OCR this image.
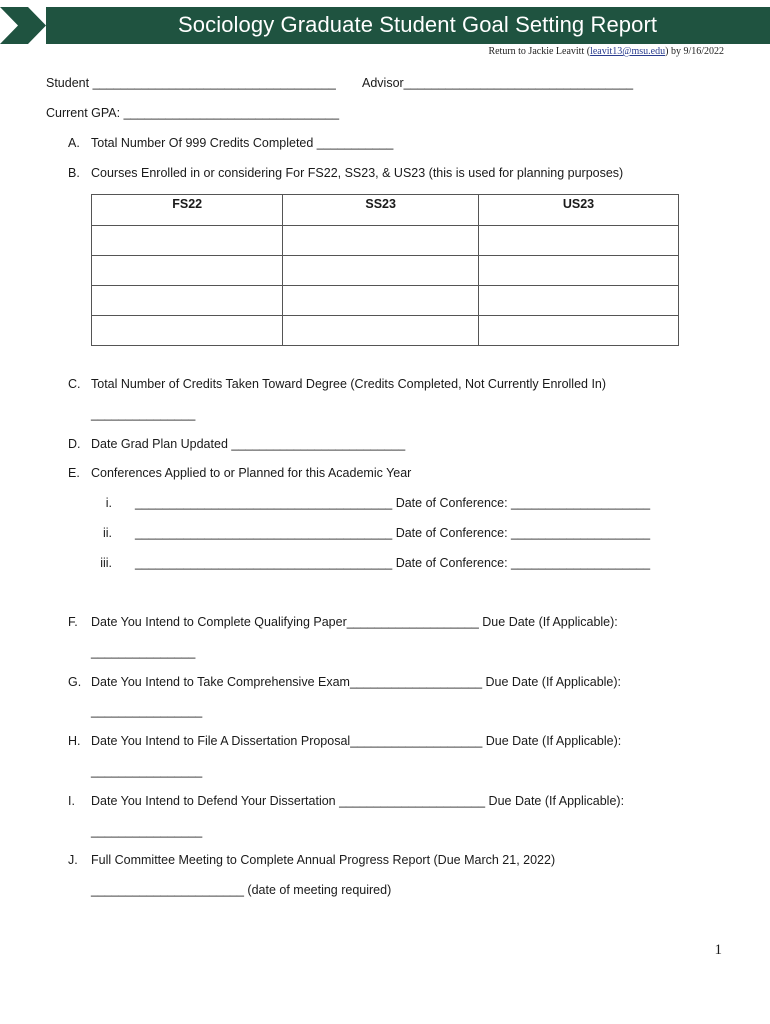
Sociology Graduate Student Goal Setting Report
Return to Jackie Leavitt (leavit13@msu.edu) by 9/16/2022
Student ___________________________________ Advisor_________________________________
Current GPA: _______________________________
A. Total Number Of 999 Credits Completed ___________
B. Courses Enrolled in or considering For FS22, SS23, & US23 (this is used for planning purposes)
FS22	SS23	US23

C. Total Number of Credits Taken Toward Degree (Credits Completed, Not Currently Enrolled In)
_______________
D. Date Grad Plan Updated _________________________
E. Conferences Applied to or Planned for this Academic Year
i. _____________________________________ Date of Conference: ____________________
ii. _____________________________________ Date of Conference: ____________________
iii. _____________________________________ Date of Conference: ____________________
F. Date You Intend to Complete Qualifying Paper___________________ Due Date (If Applicable):
_______________
G. Date You Intend to Take Comprehensive Exam___________________ Due Date (If Applicable):
________________
H. Date You Intend to File A Dissertation Proposal___________________ Due Date (If Applicable):
________________
I. Date You Intend to Defend Your Dissertation _____________________ Due Date (If Applicable):
________________
J. Full Committee Meeting to Complete Annual Progress Report (Due March 21, 2022)
______________________ (date of meeting required)
1
